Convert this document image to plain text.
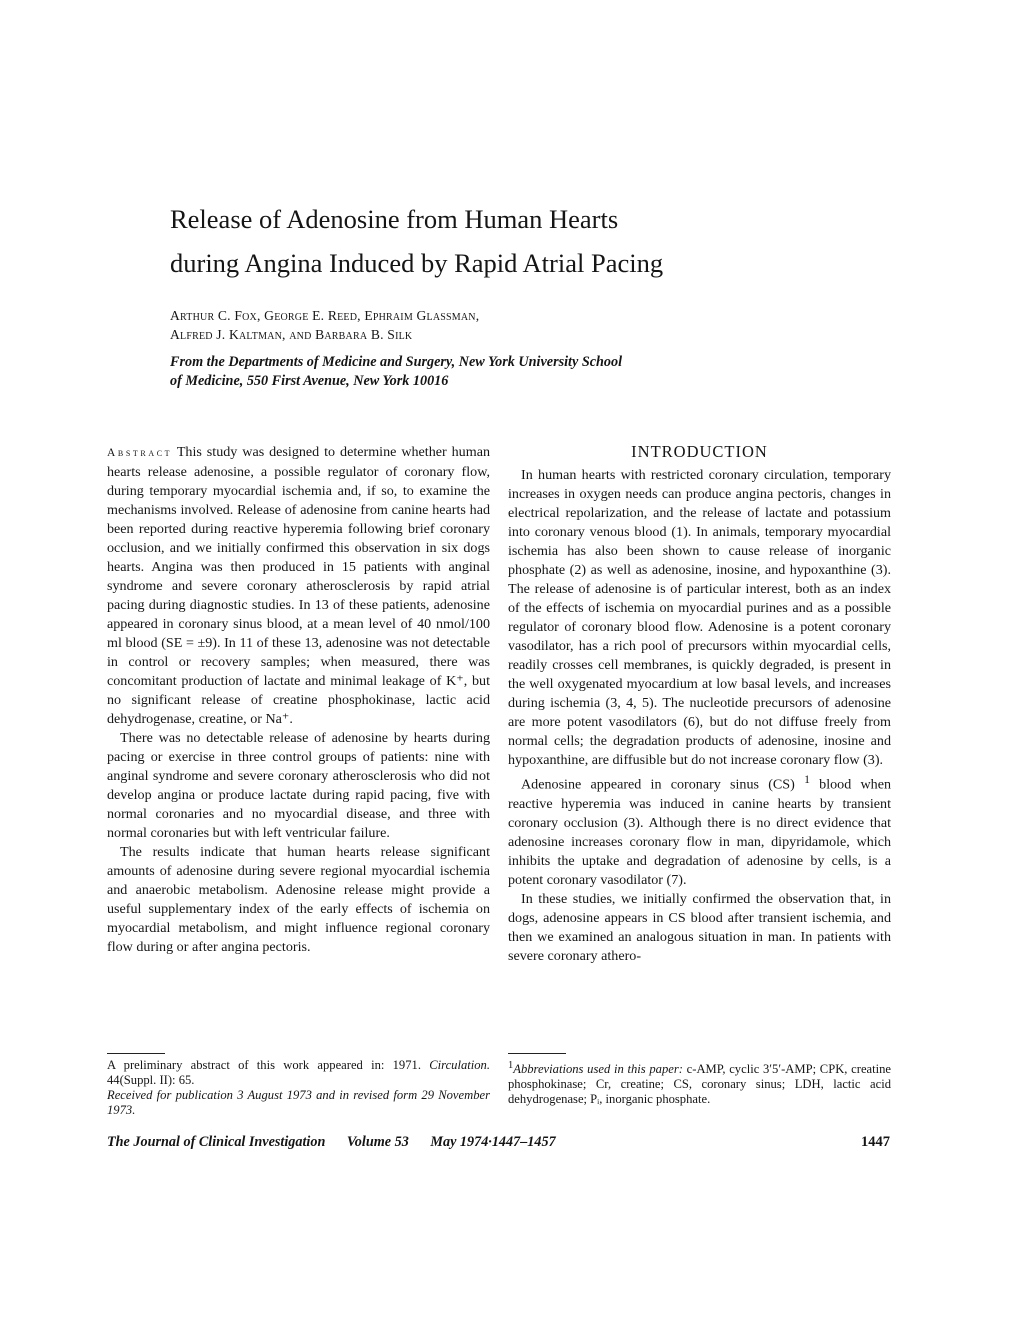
Release of Adenosine from Human Hearts
during Angina Induced by Rapid Atrial Pacing
Arthur C. Fox, George E. Reed, Ephraim Glassman,
Alfred J. Kaltman, and Barbara B. Silk
From the Departments of Medicine and Surgery, New York University School
of Medicine, 550 First Avenue, New York 10016

Abstract This study was designed to determine whether human hearts release adenosine, a possible regulator of coronary flow, during temporary myocardial ischemia and, if so, to examine the mechanisms involved. Release of adenosine from canine hearts had been reported during reactive hyperemia following brief coronary occlusion, and we initially confirmed this observation in six dogs hearts. Angina was then produced in 15 patients with anginal syndrome and severe coronary atherosclerosis by rapid atrial pacing during diagnostic studies. In 13 of these patients, adenosine appeared in coronary sinus blood, at a mean level of 40 nmol/100 ml blood (SE = ±9). In 11 of these 13, adenosine was not detectable in control or recovery samples; when measured, there was concomitant production of lactate and minimal leakage of K⁺, but no significant release of creatine phosphokinase, lactic acid dehydrogenase, creatine, or Na⁺.

There was no detectable release of adenosine by hearts during pacing or exercise in three control groups of patients: nine with anginal syndrome and severe coronary atherosclerosis who did not develop angina or produce lactate during rapid pacing, five with normal coronaries and no myocardial disease, and three with normal coronaries but with left ventricular failure.

The results indicate that human hearts release significant amounts of adenosine during severe regional myocardial ischemia and anaerobic metabolism. Adenosine release might provide a useful supplementary index of the early effects of ischemia on myocardial metabolism, and might influence regional coronary flow during or after angina pectoris.

INTRODUCTION

In human hearts with restricted coronary circulation, temporary increases in oxygen needs can produce angina pectoris, changes in electrical repolarization, and the release of lactate and potassium into coronary venous blood (1). In animals, temporary myocardial ischemia has also been shown to cause release of inorganic phosphate (2) as well as adenosine, inosine, and hypoxanthine (3). The release of adenosine is of particular interest, both as an index of the effects of ischemia on myocardial purines and as a possible regulator of coronary blood flow. Adenosine is a potent coronary vasodilator, has a rich pool of precursors within myocardial cells, readily crosses cell membranes, is quickly degraded, is present in the well oxygenated myocardium at low basal levels, and increases during ischemia (3, 4, 5). The nucleotide precursors of adenosine are more potent vasodilators (6), but do not diffuse freely from normal cells; the degradation products of adenosine, inosine and hypoxanthine, are diffusible but do not increase coronary flow (3).

Adenosine appeared in coronary sinus (CS) $^1$ blood when reactive hyperemia was induced in canine hearts by transient coronary occlusion (3). Although there is no direct evidence that adenosine increases coronary flow in man, dipyridamole, which inhibits the uptake and degradation of adenosine by cells, is a potent coronary vasodilator (7).

In these studies, we initially confirmed the observation that, in dogs, adenosine appears in CS blood after transient ischemia, and then we examined an analogous situation in man. In patients with severe coronary athero-

A preliminary abstract of this work appeared in: 1971. Circulation. 44(Suppl. II): 65.

Received for publication 3 August 1973 and in revised form 29 November 1973.

$^1$Abbreviations used in this paper: c-AMP, cyclic 3′5′-AMP; CPK, creatine phosphokinase; Cr, creatine; CS, coronary sinus; LDH, lactic acid dehydrogenase; Pᵢ, inorganic phosphate.

The Journal of Clinical Investigation Volume 53 May 1974·1447–1457	1447
